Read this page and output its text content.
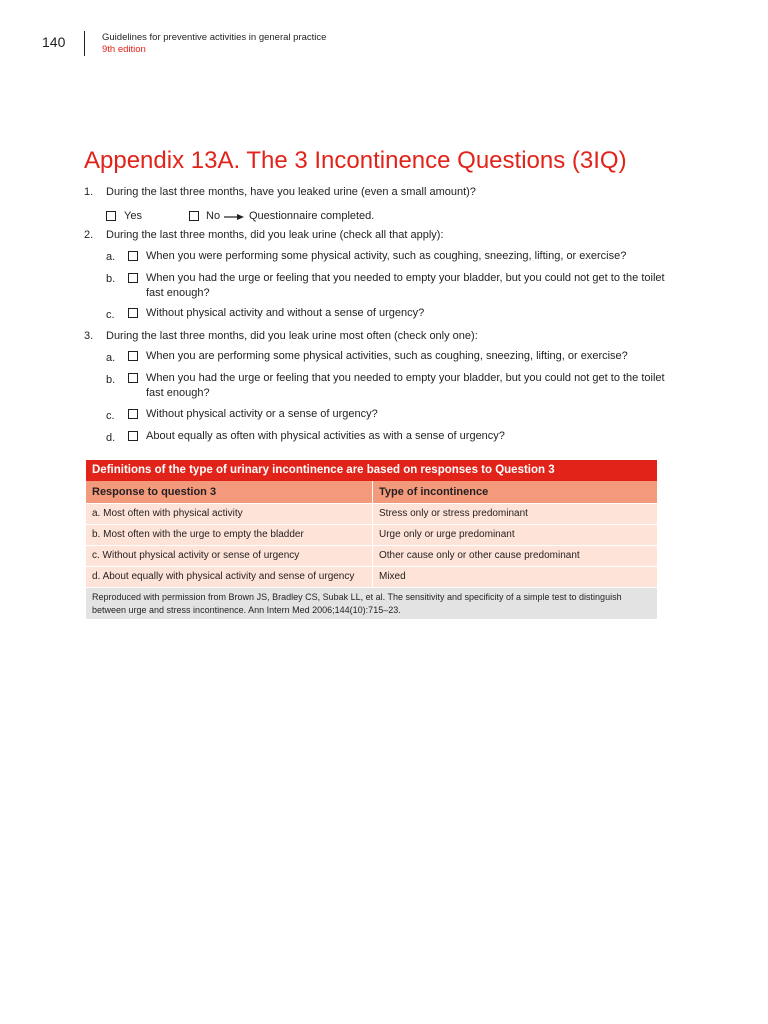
140	Guidelines for preventive activities in general practice
9th edition
Appendix 13A. The 3 Incontinence Questions (3IQ)
1. During the last three months, have you leaked urine (even a small amount)?
Yes	No	Questionnaire completed.
2. During the last three months, did you leak urine (check all that apply):
a.	When you were performing some physical activity, such as coughing, sneezing, lifting, or exercise?
b.	When you had the urge or feeling that you needed to empty your bladder, but you could not get to the toilet fast enough?
c.	Without physical activity and without a sense of urgency?
3. During the last three months, did you leak urine most often (check only one):
a.	When you are performing some physical activities, such as coughing, sneezing, lifting, or exercise?
b.	When you had the urge or feeling that you needed to empty your bladder, but you could not get to the toilet fast enough?
c.	Without physical activity or a sense of urgency?
d.	About equally as often with physical activities as with a sense of urgency?
Definitions of the type of urinary incontinence are based on responses to Question 3
Response to question 3	Type of incontinence
a. Most often with physical activity	Stress only or stress predominant
b. Most often with the urge to empty the bladder	Urge only or urge predominant
c. Without physical activity or sense of urgency	Other cause only or other cause predominant
d. About equally with physical activity and sense of urgency	Mixed
Reproduced with permission from Brown JS, Bradley CS, Subak LL, et al. The sensitivity and specificity of a simple test to distinguish between urge and stress incontinence. Ann Intern Med 2006;144(10):715–23.
